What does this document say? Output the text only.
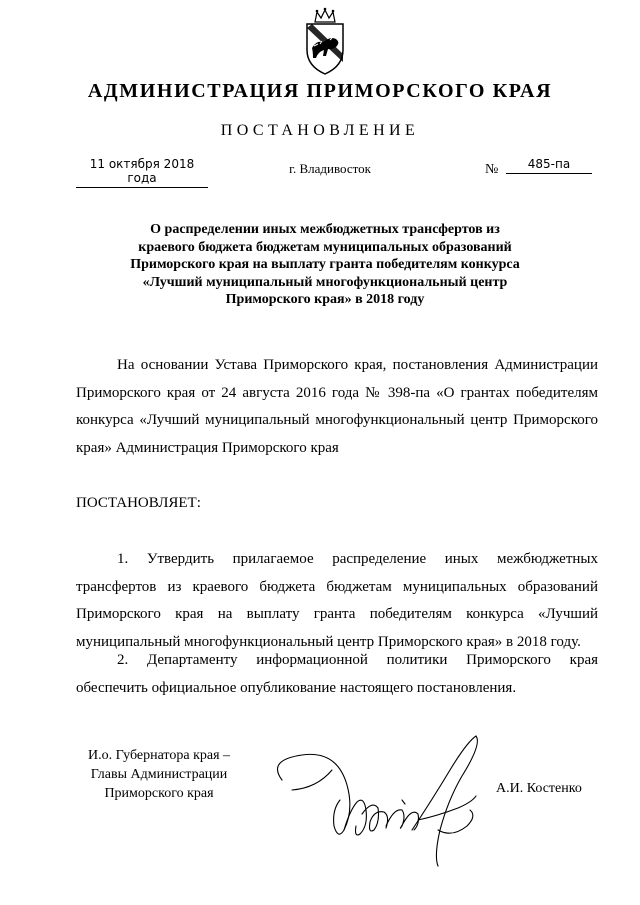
АДМИНИСТРАЦИЯ ПРИМОРСКОГО КРАЯ
ПОСТАНОВЛЕНИЕ
11 октября 2018 года
г. Владивосток	№	485-па
О распределении иных межбюджетных трансфертов из краевого бюджета бюджетам муниципальных образований Приморского края на выплату гранта победителям конкурса «Лучший муниципальный многофункциональный центр Приморского края» в 2018 году
На основании Устава Приморского края, постановления Администрации Приморского края от 24 августа 2016 года № 398-па «О грантах победителям конкурса «Лучший муниципальный многофункциональный центр Приморского края» Администрация Приморского края
ПОСТАНОВЛЯЕТ:
1. Утвердить прилагаемое распределение иных межбюджетных трансфертов из краевого бюджета бюджетам муниципальных образований Приморского края на выплату гранта победителям конкурса «Лучший муниципальный многофункциональный центр Приморского края» в 2018 году.
2. Департаменту информационной политики Приморского края обеспечить официальное опубликование настоящего постановления.
И.о. Губернатора края –
Главы Администрации
Приморского края	А.И. Костенко
